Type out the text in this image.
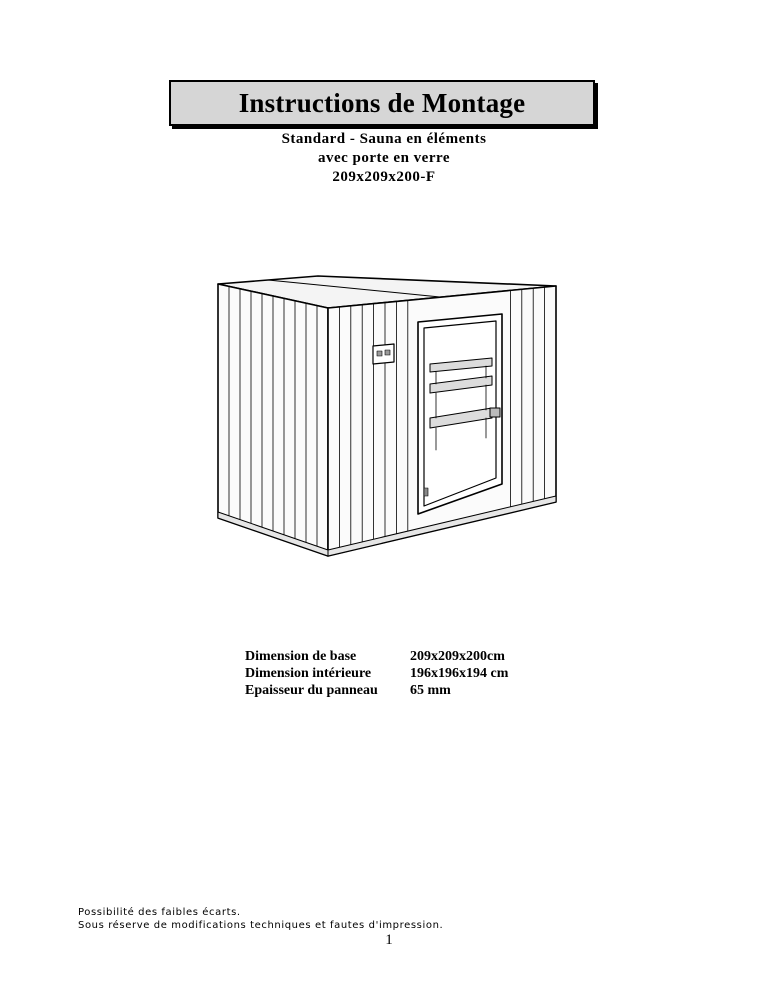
Instructions de Montage
Standard - Sauna en éléments
avec porte en verre
209x209x200-F
Dimension de base	209x209x200cm
Dimension intérieure	196x196x194 cm
Epaisseur du panneau	65 mm
Possibilité des faibles écarts.
Sous réserve de modifications techniques et fautes d'impression.
1
